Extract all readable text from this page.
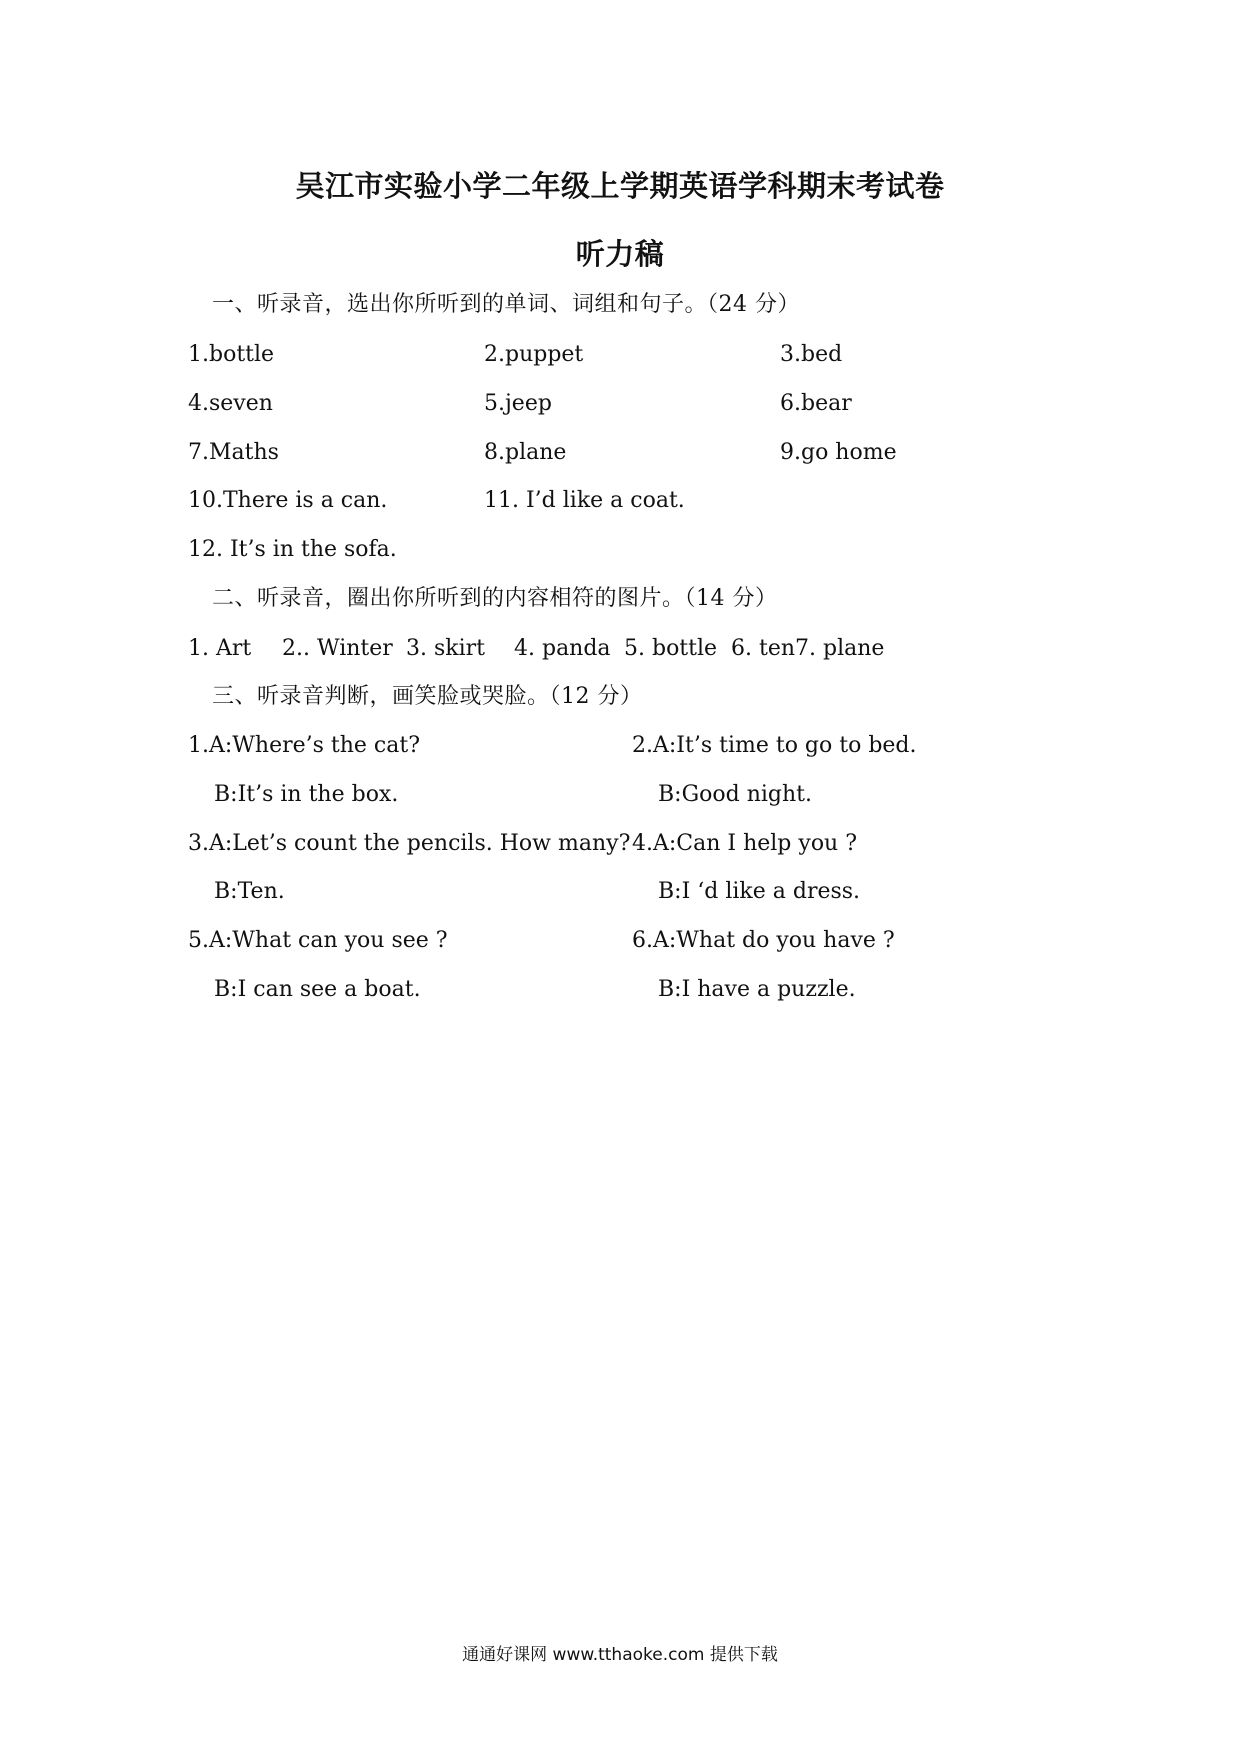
吴江市实验小学二年级上学期英语学科期末考试卷
听力稿
一、听录音，选出你所听到的单词、词组和句子。（24 分）
1.bottle	2.puppet	3.bed
4.seven	5.jeep	6.bear
7.Maths	8.plane	9.go home
10.There is a can.	11. I’d like a coat.
12. It’s in the sofa.
二、听录音，圈出你所听到的内容相符的图片。（14 分）
1. Art 2.. Winter 3. skirt 4. panda 5. bottle 6. ten 7. plane
三、听录音判断，画笑脸或哭脸。（12 分）
1.A:Where’s the cat?
B:It’s in the box.
2.A:It’s time to go to bed.
B:Good night.
3.A:Let’s count the pencils. How many?
B:Ten.
4.A:Can I help you ?
B:I ‘d like a dress.
5.A:What can you see ?
B:I can see a boat.
6.A:What do you have ?
B:I have a puzzle.
通通好课网 www.tthaoke.com 提供下载
